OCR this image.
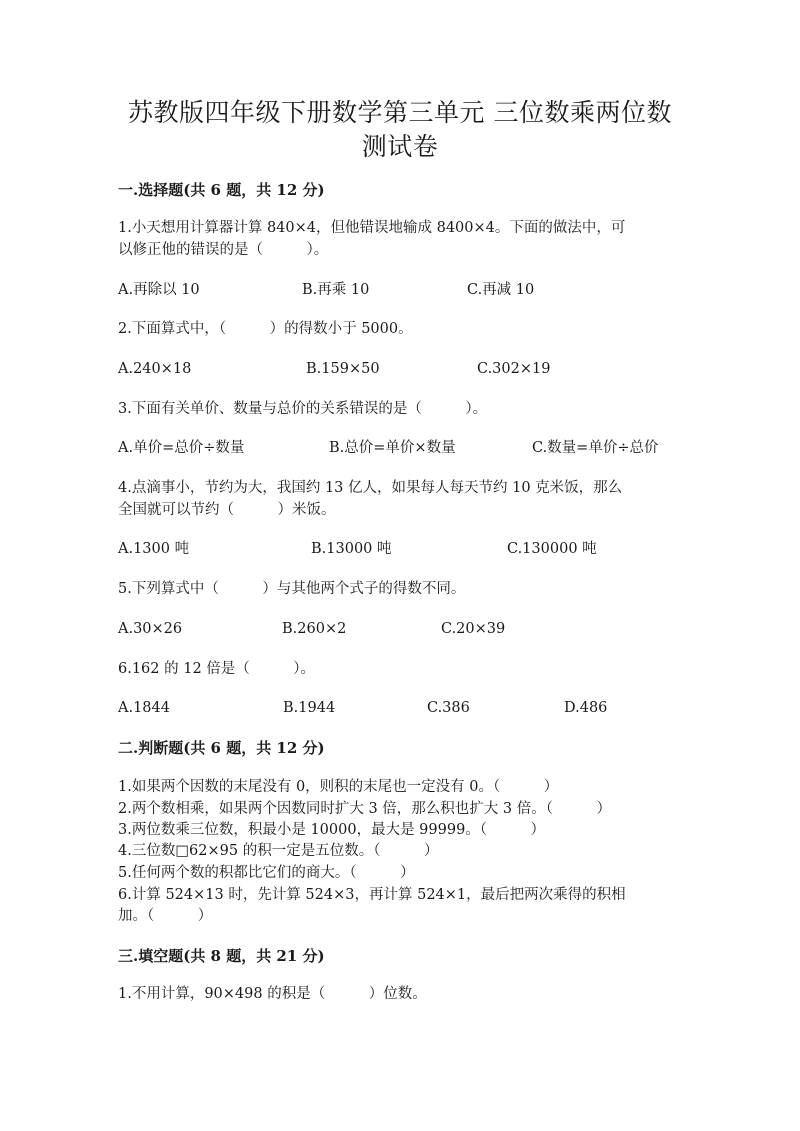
苏教版四年级下册数学第三单元 三位数乘两位数
测试卷
一.选择题(共 6 题，共 12 分)
1.小天想用计算器计算 840×4，但他错误地输成 8400×4。下面的做法中，可
以修正他的错误的是（　　　）。
A.再除以 10	B.再乘 10	C.再减 10
2.下面算式中，（　　　）的得数小于 5000。
A.240×18	B.159×50	C.302×19
3.下面有关单价、数量与总价的关系错误的是（　　　）。
A.单价=总价÷数量	B.总价=单价×数量	C.数量=单价÷总价
4.点滴事小，节约为大，我国约 13 亿人，如果每人每天节约 10 克米饭，那么
全国就可以节约（　　　）米饭。
A.1300 吨	B.13000 吨	C.130000 吨
5.下列算式中（　　　）与其他两个式子的得数不同。
A.30×26	B.260×2	C.20×39
6.162 的 12 倍是（　　　）。
A.1844	B.1944	C.386	D.486
二.判断题(共 6 题，共 12 分)
1.如果两个因数的末尾没有 0，则积的末尾也一定没有 0。（　　　）
2.两个数相乘，如果两个因数同时扩大 3 倍，那么积也扩大 3 倍。（　　　）
3.两位数乘三位数，积最小是 10000，最大是 99999。（　　　）
4.三位数□62×95 的积一定是五位数。（　　　）
5.任何两个数的积都比它们的商大。（　　　）
6.计算 524×13 时，先计算 524×3，再计算 524×1，最后把两次乘得的积相
加。（　　　）
三.填空题(共 8 题，共 21 分)
1.不用计算，90×498 的积是（　　　）位数。
